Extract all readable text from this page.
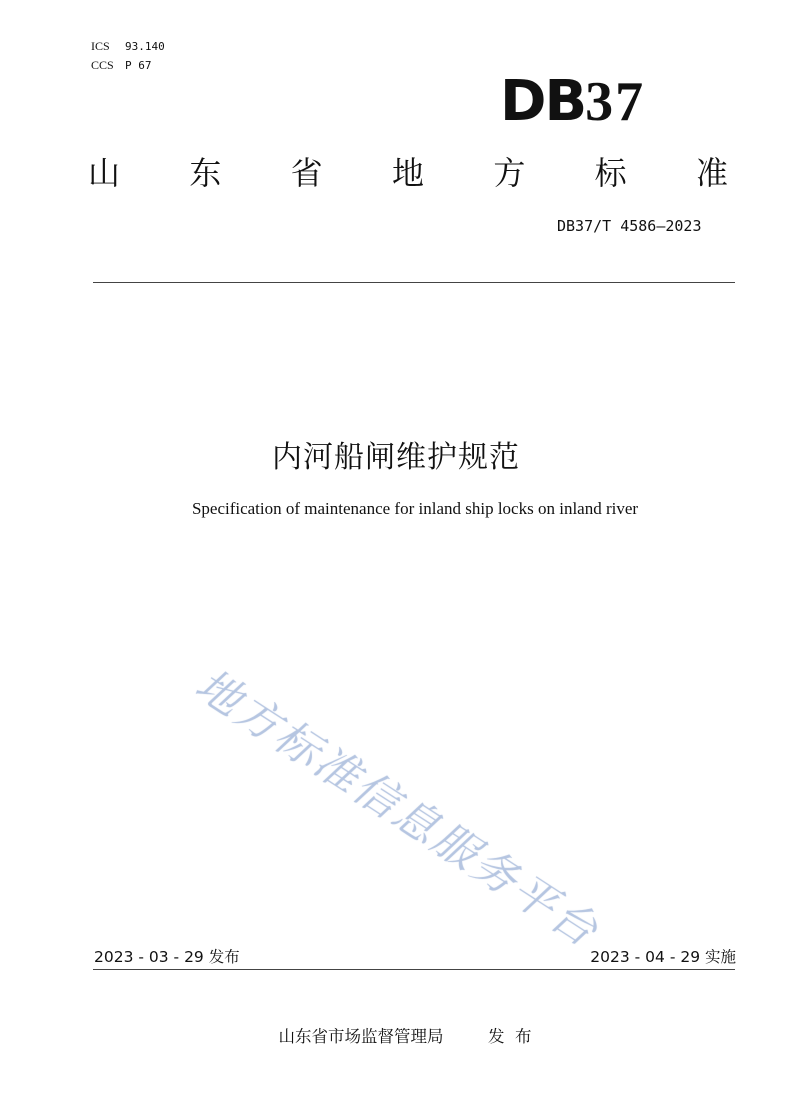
ICS 93.140
CCS P 67
DB37
山 东 省 地 方 标 准
DB37/T 4586—2023
内河船闸维护规范
Specification of maintenance for inland ship locks on inland river
地方标准信息服务平台
2023 - 03 - 29 发布	2023 - 04 - 29 实施
山东省市场监督管理局	发  布
